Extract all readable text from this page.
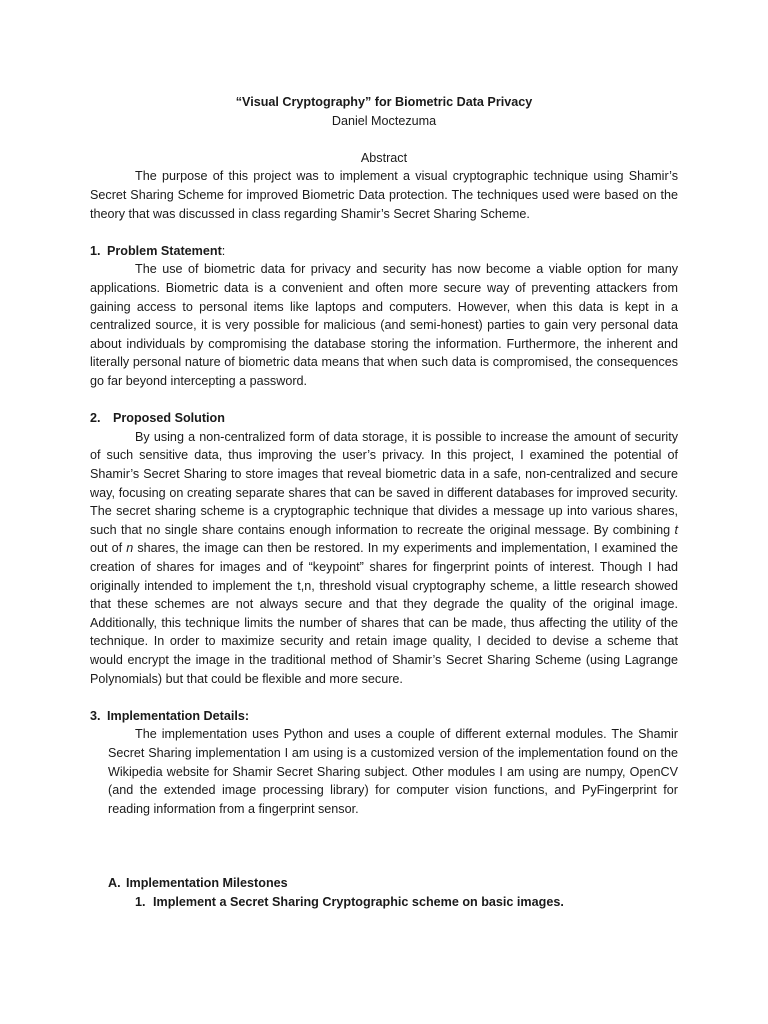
“Visual Cryptography” for Biometric Data Privacy
Daniel Moctezuma
Abstract

The purpose of this project was to implement a visual cryptographic technique using Shamir’s Secret Sharing Scheme for improved Biometric Data protection. The techniques used were based on the theory that was discussed in class regarding Shamir’s Secret Sharing Scheme.

1. Problem Statement:

The use of biometric data for privacy and security has now become a viable option for many applications. Biometric data is a convenient and often more secure way of preventing attackers from gaining access to personal items like laptops and computers. However, when this data is kept in a centralized source, it is very possible for malicious (and semi-honest) parties to gain very personal data about individuals by compromising the database storing the information. Furthermore, the inherent and literally personal nature of biometric data means that when such data is compromised, the consequences go far beyond intercepting a password.

2. Proposed Solution

By using a non-centralized form of data storage, it is possible to increase the amount of security of such sensitive data, thus improving the user’s privacy. In this project, I examined the potential of Shamir’s Secret Sharing to store images that reveal biometric data in a safe, non-centralized and secure way, focusing on creating separate shares that can be saved in different databases for improved security. The secret sharing scheme is a cryptographic technique that divides a message up into various shares, such that no single share contains enough information to recreate the original message. By combining t out of n shares, the image can then be restored. In my experiments and implementation, I examined the creation of shares for images and of “keypoint” shares for fingerprint points of interest. Though I had originally intended to implement the t,n, threshold visual cryptography scheme, a little research showed that these schemes are not always secure and that they degrade the quality of the original image. Additionally, this technique limits the number of shares that can be made, thus affecting the utility of the technique. In order to maximize security and retain image quality, I decided to devise a scheme that would encrypt the image in the traditional method of Shamir’s Secret Sharing Scheme (using Lagrange Polynomials) but that could be flexible and more secure.

3. Implementation Details:

The implementation uses Python and uses a couple of different external modules. The Shamir Secret Sharing implementation I am using is a customized version of the implementation found on the Wikipedia website for Shamir Secret Sharing subject. Other modules I am using are numpy, OpenCV (and the extended image processing library) for computer vision functions, and PyFingerprint for reading information from a fingerprint sensor.

A. Implementation Milestones
1. Implement a Secret Sharing Cryptographic scheme on basic images.
